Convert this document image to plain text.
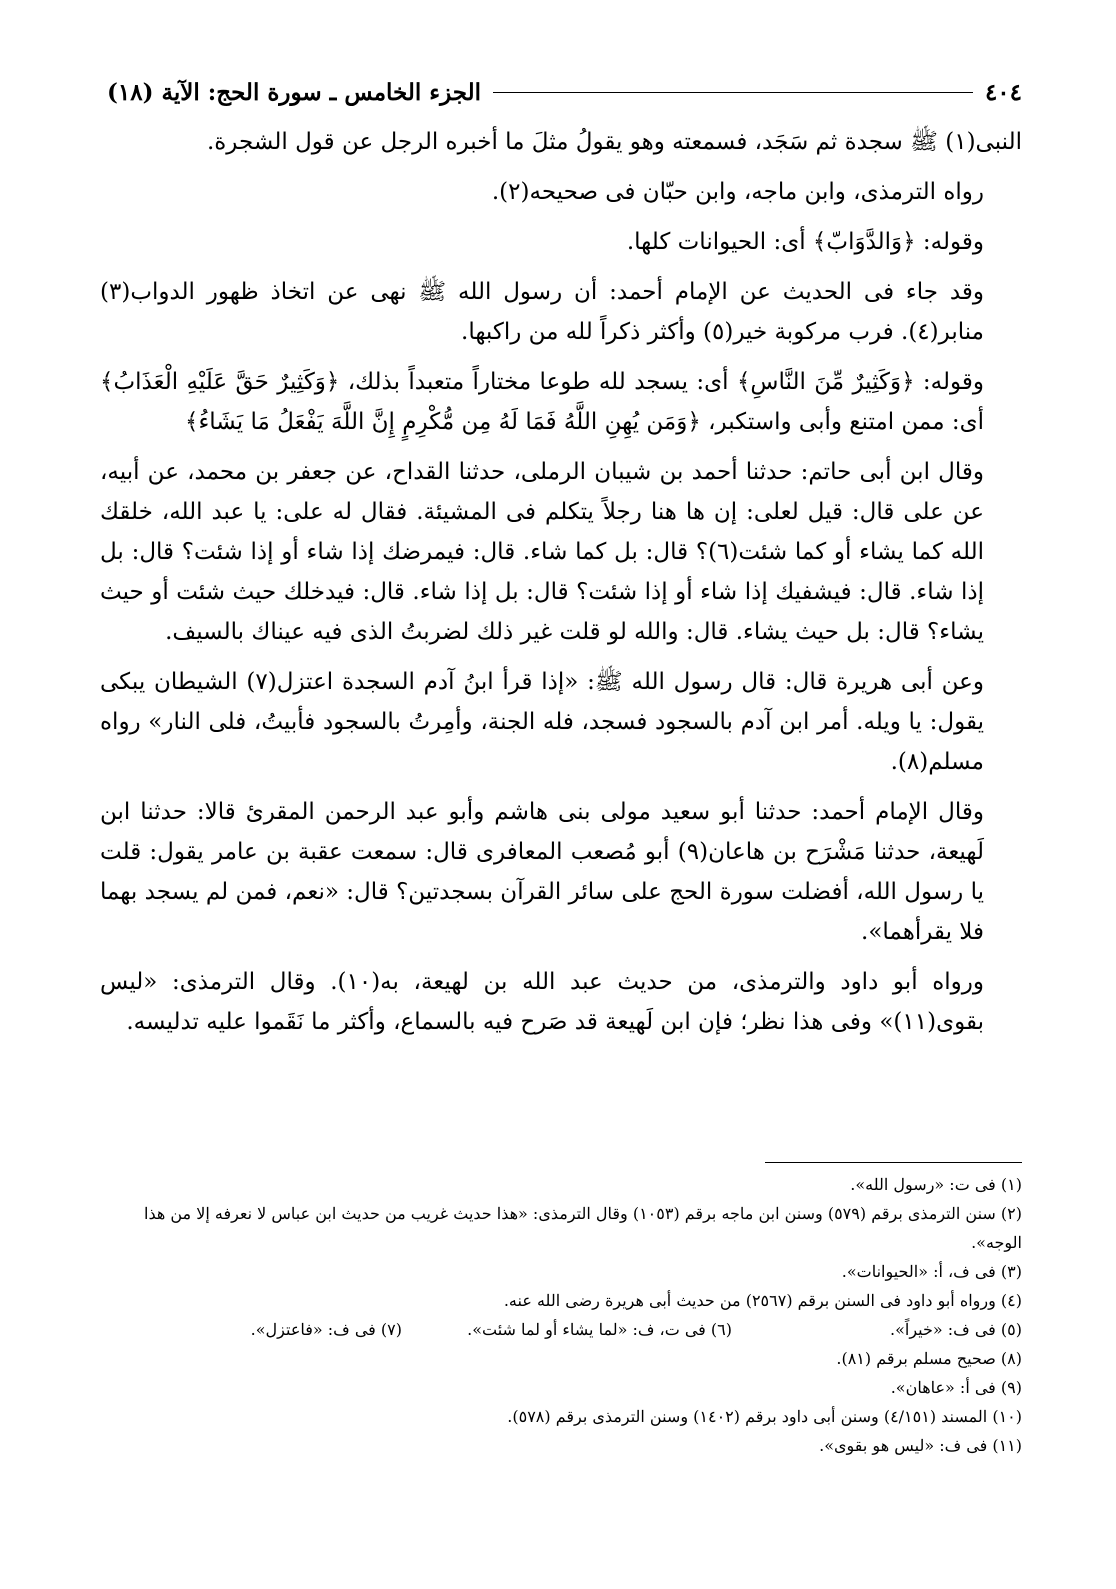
٤٠٤
الجزء الخامس ـ سورة الحج: الآية (١٨)

النبى(١) ﷺ سجدة ثم سَجَد، فسمعته وهو يقولُ مثلَ ما أخبره الرجل عن قول الشجرة.

رواه الترمذى، وابن ماجه، وابن حبّان فى صحيحه(٢).

وقوله: ﴿وَالدَّوَابّ﴾ أى: الحيوانات كلها.

وقد جاء فى الحديث عن الإمام أحمد: أن رسول الله ﷺ نهى عن اتخاذ ظهور الدواب(٣) منابر(٤). فرب مركوبة خير(٥) وأكثر ذكراً لله من راكبها.

وقوله: ﴿وَكَثِيرٌ مِّنَ النَّاسِ﴾ أى: يسجد لله طوعا مختاراً متعبداً بذلك، ﴿وَكَثِيرٌ حَقَّ عَلَيْهِ الْعَذَابُ﴾ أى: ممن امتنع وأبى واستكبر، ﴿وَمَن يُهِنِ اللَّهُ فَمَا لَهُ مِن مُّكْرِمٍ إِنَّ اللَّهَ يَفْعَلُ مَا يَشَاءُ﴾

وقال ابن أبى حاتم: حدثنا أحمد بن شيبان الرملى، حدثنا القداح، عن جعفر بن محمد، عن أبيه، عن على قال: قيل لعلى: إن ها هنا رجلاً يتكلم فى المشيئة. فقال له على: يا عبد الله، خلقك الله كما يشاء أو كما شئت(٦)؟ قال: بل كما شاء. قال: فيمرضك إذا شاء أو إذا شئت؟ قال: بل إذا شاء. قال: فيشفيك إذا شاء أو إذا شئت؟ قال: بل إذا شاء. قال: فيدخلك حيث شئت أو حيث يشاء؟ قال: بل حيث يشاء. قال: والله لو قلت غير ذلك لضربتُ الذى فيه عيناك بالسيف.

وعن أبى هريرة قال: قال رسول الله ﷺ: «إذا قرأ ابنُ آدم السجدة اعتزل(٧) الشيطان يبكى يقول: يا ويله. أمر ابن آدم بالسجود فسجد، فله الجنة، وأمِرتُ بالسجود فأبيتُ، فلى النار» رواه مسلم(٨).

وقال الإمام أحمد: حدثنا أبو سعيد مولى بنى هاشم وأبو عبد الرحمن المقرئ قالا: حدثنا ابن لَهيعة، حدثنا مَشْرَح بن هاعان(٩) أبو مُصعب المعافرى قال: سمعت عقبة بن عامر يقول: قلت يا رسول الله، أفضلت سورة الحج على سائر القرآن بسجدتين؟ قال: «نعم، فمن لم يسجد بهما فلا يقرأهما».

ورواه أبو داود والترمذى، من حديث عبد الله بن لهيعة، به(١٠). وقال الترمذى: «ليس بقوى(١١)» وفى هذا نظر؛ فإن ابن لَهيعة قد صَرح فيه بالسماع، وأكثر ما نَقَموا عليه تدليسه.

(١) فى ت: «رسول الله».

(٢) سنن الترمذى برقم (٥٧٩) وسنن ابن ماجه برقم (١٠٥٣) وقال الترمذى: «هذا حديث غريب من حديث ابن عباس لا نعرفه إلا من هذا الوجه».

(٣) فى ف، أ: «الحيوانات».

(٤) ورواه أبو داود فى السنن برقم (٢٥٦٧) من حديث أبى هريرة رضى الله عنه.

(٥) فى ف: «خيراً».
(٦) فى ت، ف: «لما يشاء أو لما شئت».
(٧) فى ف: «فاعتزل».

(٨) صحيح مسلم برقم (٨١).

(٩) فى أ: «عاهان».

(١٠) المسند (٤/١٥١) وسنن أبى داود برقم (١٤٠٢) وسنن الترمذى برقم (٥٧٨).

(١١) فى ف: «ليس هو بقوى».
